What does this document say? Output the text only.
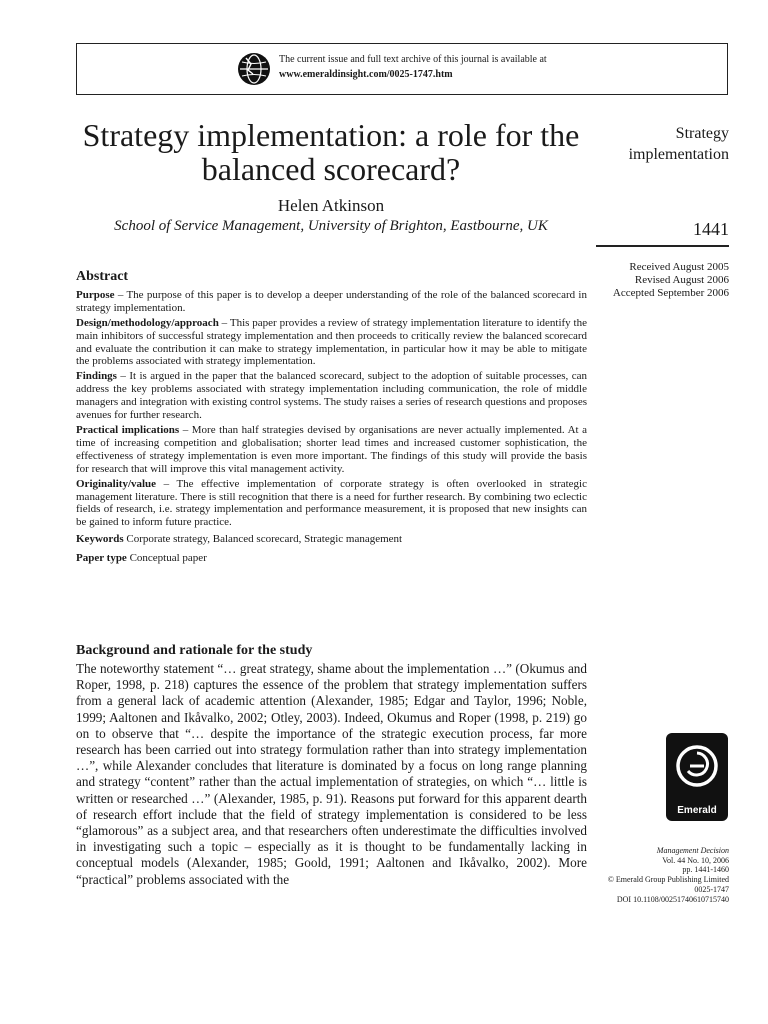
The current issue and full text archive of this journal is available at
www.emeraldinsight.com/0025-1747.htm
Strategy implementation: a role for the balanced scorecard?
Helen Atkinson
School of Service Management, University of Brighton, Eastbourne, UK
Strategy
implementation
1441
Received August 2005
Revised August 2006
Accepted September 2006
Abstract

Purpose – The purpose of this paper is to develop a deeper understanding of the role of the balanced scorecard in strategy implementation.

Design/methodology/approach – This paper provides a review of strategy implementation literature to identify the main inhibitors of successful strategy implementation and then proceeds to critically review the balanced scorecard and evaluate the contribution it can make to strategy implementation, in particular how it may be able to mitigate the problems associated with strategy implementation.

Findings – It is argued in the paper that the balanced scorecard, subject to the adoption of suitable processes, can address the key problems associated with strategy implementation including communication, the role of middle managers and integration with existing control systems. The study raises a series of research questions and proposes avenues for further research.

Practical implications – More than half strategies devised by organisations are never actually implemented. At a time of increasing competition and globalisation; shorter lead times and increased customer sophistication, the effectiveness of strategy implementation is even more important. The findings of this study will provide the basis for research that will improve this vital management activity.

Originality/value – The effective implementation of corporate strategy is often overlooked in strategic management literature. There is still recognition that there is a need for further research. By combining two eclectic fields of research, i.e. strategy implementation and performance measurement, it is proposed that new insights can be gained to inform future practice.

Keywords Corporate strategy, Balanced scorecard, Strategic management

Paper type Conceptual paper

Background and rationale for the study
The noteworthy statement “… great strategy, shame about the implementation …” (Okumus and Roper, 1998, p. 218) captures the essence of the problem that strategy implementation suffers from a general lack of academic attention (Alexander, 1985; Edgar and Taylor, 1996; Noble, 1999; Aaltonen and Ikåvalko, 2002; Otley, 2003). Indeed, Okumus and Roper (1998, p. 219) go on to observe that “… despite the importance of the strategic execution process, far more research has been carried out into strategy formulation rather than into strategy implementation …”, while Alexander concludes that literature is dominated by a focus on long range planning and strategy “content” rather than the actual implementation of strategies, on which “… little is written or researched …” (Alexander, 1985, p. 91). Reasons put forward for this apparent dearth of research effort include that the field of strategy implementation is considered to be less “glamorous” as a subject area, and that researchers often underestimate the difficulties involved in investigating such a topic – especially as it is thought to be fundamentally lacking in conceptual models (Alexander, 1985; Goold, 1991; Aaltonen and Ikåvalko, 2002). More “practical” problems associated with the
Emerald
Management Decision
Vol. 44 No. 10, 2006
pp. 1441-1460
© Emerald Group Publishing Limited
0025-1747
DOI 10.1108/00251740610715740
